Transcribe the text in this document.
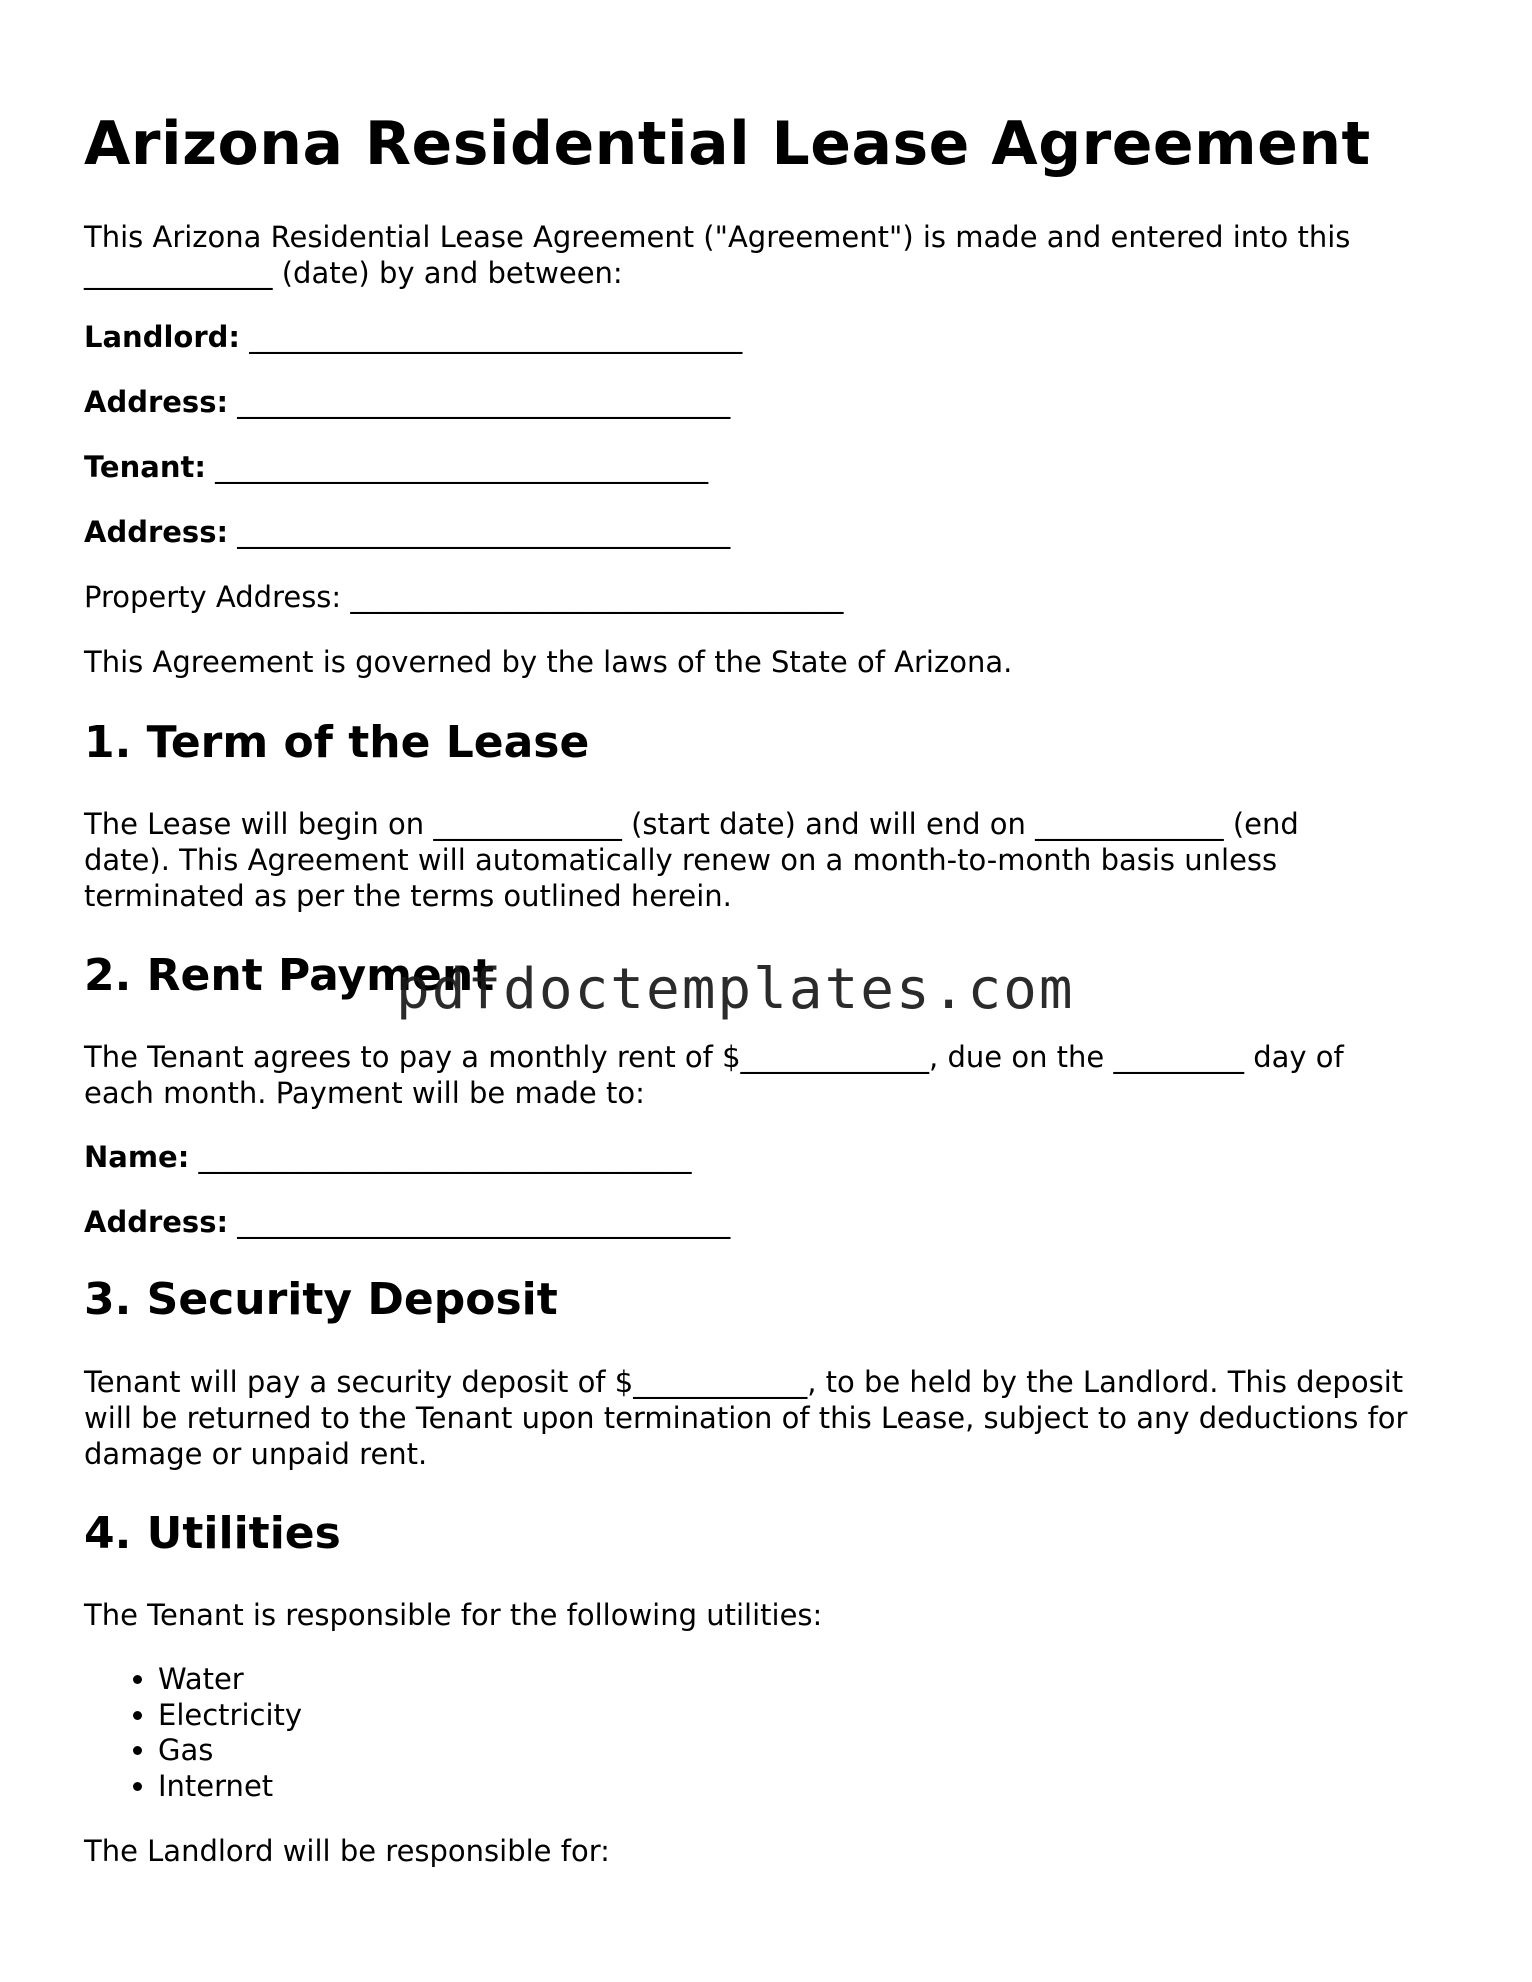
Arizona Residential Lease Agreement

This Arizona Residential Lease Agreement ("Agreement") is made and entered into this
_____________ (date) by and between:

Landlord: __________________________________
Address: __________________________________
Tenant: __________________________________
Address: __________________________________
Property Address: __________________________________

This Agreement is governed by the laws of the State of Arizona.

1. Term of the Lease

The Lease will begin on _____________ (start date) and will end on _____________ (end
date). This Agreement will automatically renew on a month-to-month basis unless
terminated as per the terms outlined herein.

2. Rent Payment

The Tenant agrees to pay a monthly rent of $_____________, due on the _________ day of
each month. Payment will be made to:

Name: __________________________________
Address: __________________________________
3. Security Deposit

Tenant will pay a security deposit of $____________, to be held by the Landlord. This deposit
will be returned to the Tenant upon termination of this Lease, subject to any deductions for
damage or unpaid rent.

4. Utilities

The Tenant is responsible for the following utilities:

• Water
• Electricity
• Gas
• Internet

The Landlord will be responsible for:

pdfdoctemplates.com
